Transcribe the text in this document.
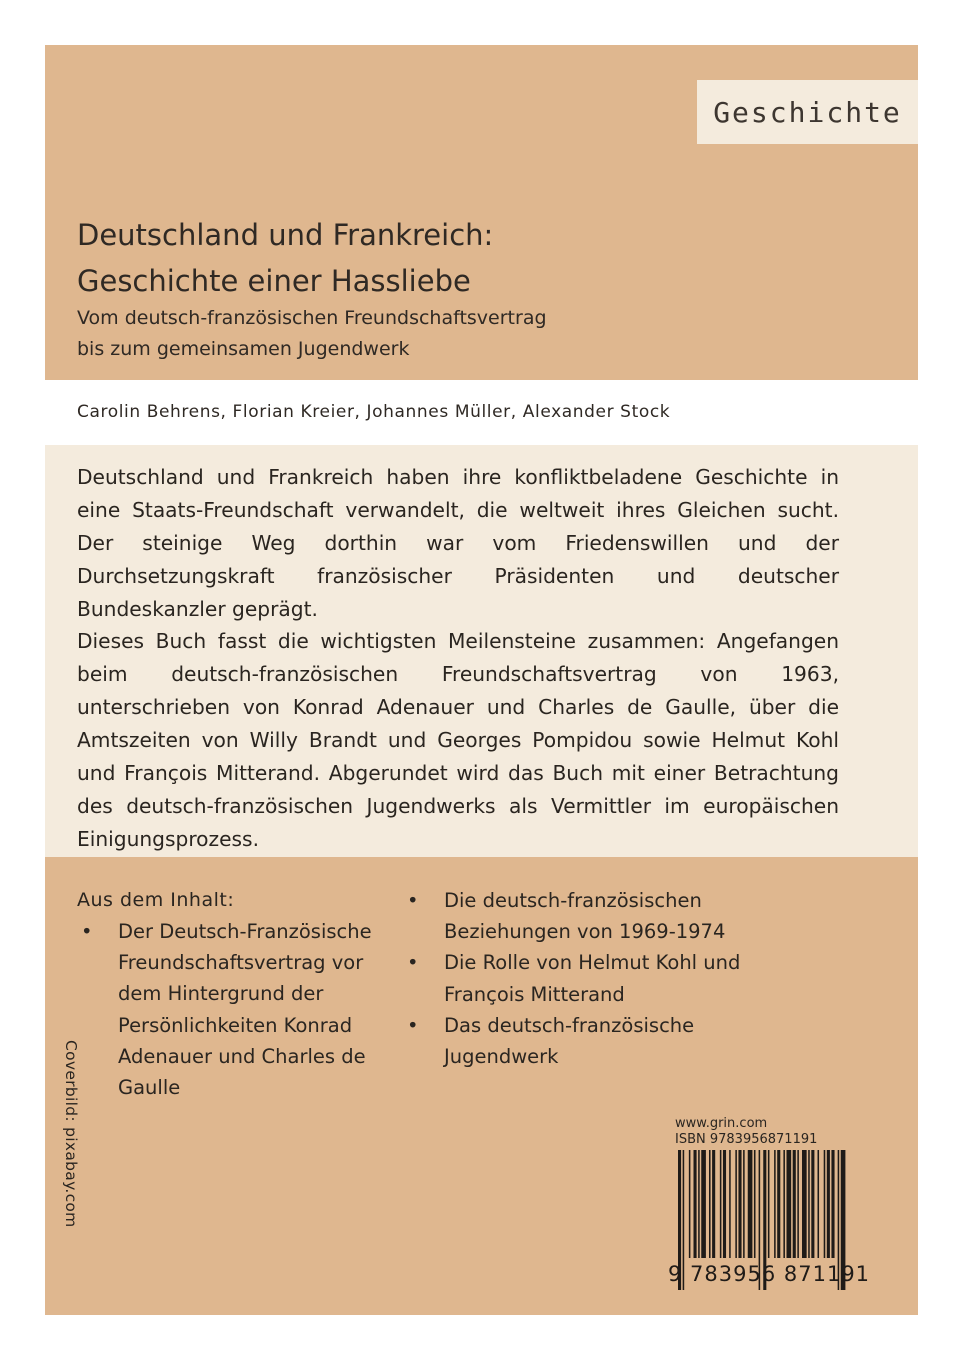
Geschichte
Deutschland und Frankreich:
Geschichte einer Hassliebe
Vom deutsch-französischen Freundschaftsvertrag
bis zum gemeinsamen Jugendwerk
Carolin Behrens, Florian Kreier, Johannes Müller, Alexander Stock

Deutschland und Frankreich haben ihre konfliktbeladene Geschichte in eine Staats-Freundschaft verwandelt, die weltweit ihres Gleichen sucht. Der steinige Weg dorthin war vom Friedenswillen und der Durchsetzungskraft französischer Präsidenten und deutscher Bundeskanzler geprägt.

Dieses Buch fasst die wichtigsten Meilensteine zusammen: Angefangen beim deutsch-französischen Freundschaftsvertrag von 1963, unterschrieben von Konrad Adenauer und Charles de Gaulle, über die Amtszeiten von Willy Brandt und Georges Pompidou sowie Helmut Kohl und François Mitterand. Abgerundet wird das Buch mit einer Betrachtung des deutsch-französischen Jugendwerks als Vermittler im europäischen Einigungsprozess.

Aus dem Inhalt:
• Der Deutsch-Französische Freundschaftsvertrag vor dem Hintergrund der Persönlichkeiten Konrad Adenauer und Charles de Gaulle
• Die deutsch-französischen Beziehungen von 1969-1974
• Die Rolle von Helmut Kohl und François Mitterand
• Das deutsch-französische Jugendwerk
Coverbild: pixabay.com	www.grin.com
ISBN 9783956871191
9 783956 871191
